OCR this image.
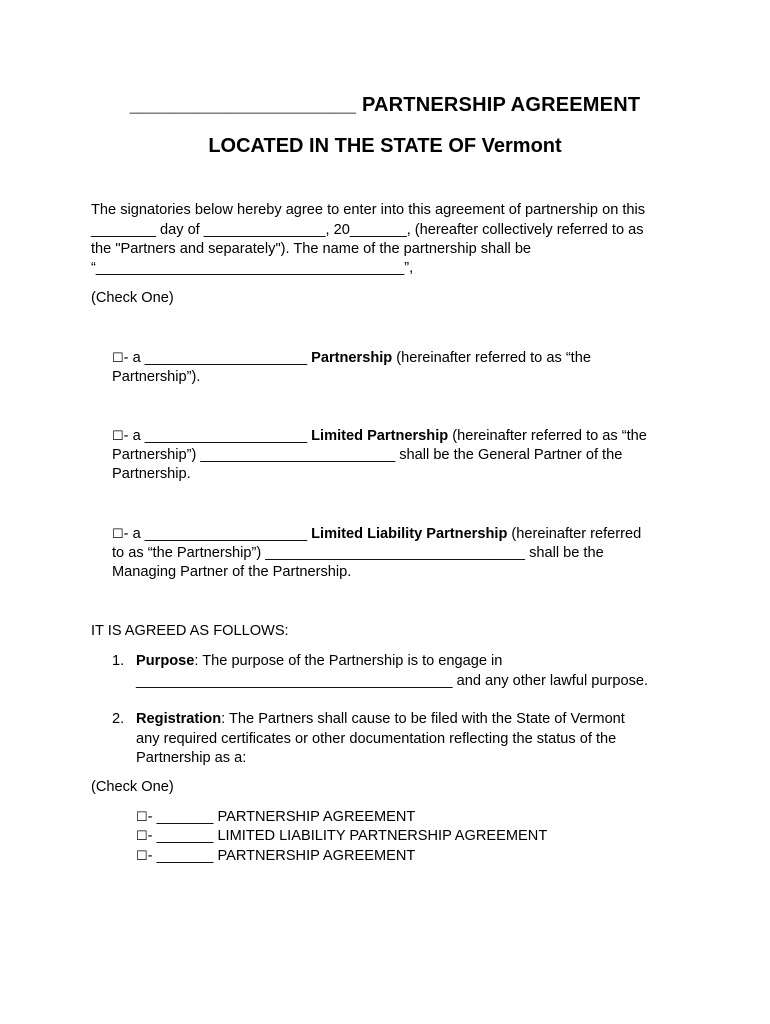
____________________ PARTNERSHIP AGREEMENT
LOCATED IN THE STATE OF Vermont
The signatories below hereby agree to enter into this agreement of partnership on this
________ day of _______________, 20_______, (hereafter collectively referred to as
the "Partners and separately"). The name of the partnership shall be
“______________________________________”,
(Check One)
☐- a ____________________ Partnership (hereinafter referred to as “the
Partnership”).
☐- a ____________________ Limited Partnership (hereinafter referred to as “the
Partnership”) ________________________ shall be the General Partner of the
Partnership.
☐- a ____________________ Limited Liability Partnership (hereinafter referred
to as “the Partnership”) ________________________________ shall be the
Managing Partner of the Partnership.
IT IS AGREED AS FOLLOWS:
1. Purpose: The purpose of the Partnership is to engage in
_______________________________________ and any other lawful purpose.
2. Registration: The Partners shall cause to be filed with the State of Vermont
any required certificates or other documentation reflecting the status of the
Partnership as a:
(Check One)
☐- _______ PARTNERSHIP AGREEMENT
☐- _______ LIMITED LIABILITY PARTNERSHIP AGREEMENT
☐- _______ PARTNERSHIP AGREEMENT
